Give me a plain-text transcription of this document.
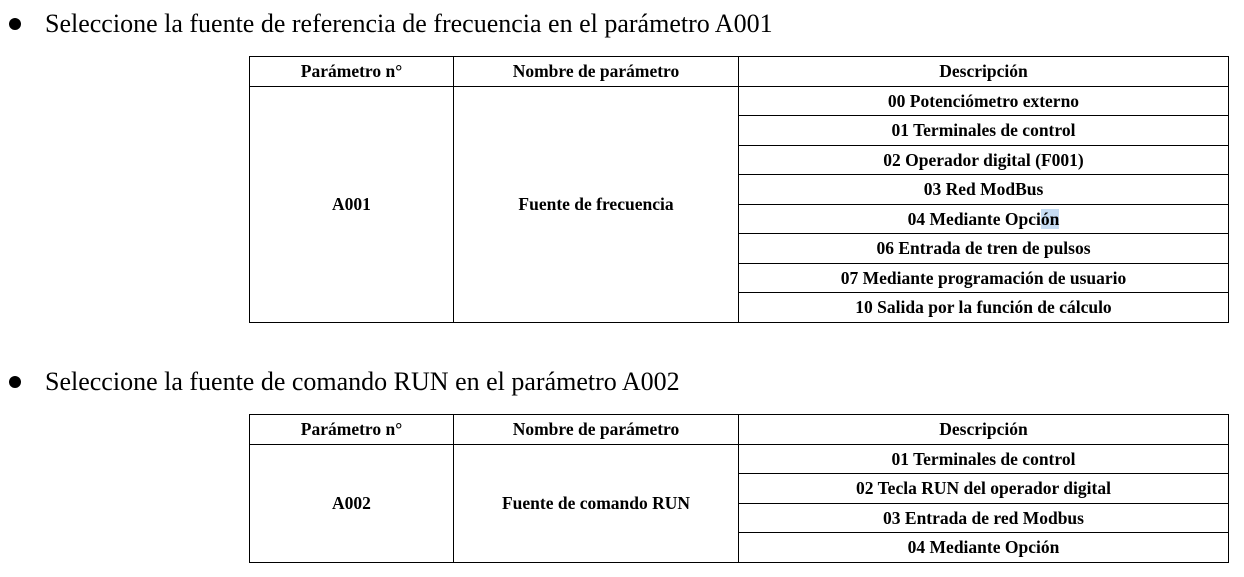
Seleccione la fuente de referencia de frecuencia en el parámetro A001
Parámetro n°	Nombre de parámetro	Descripción
A001	Fuente de frecuencia	00 Potenciómetro externo
		01 Terminales de control
		02 Operador digital (F001)
		03 Red ModBus
		04 Mediante Opción
		06 Entrada de tren de pulsos
		07 Mediante programación de usuario
		10 Salida por la función de cálculo
Seleccione la fuente de comando RUN en el parámetro A002
Parámetro n°	Nombre de parámetro	Descripción
A002	Fuente de comando RUN	01 Terminales de control
		02 Tecla RUN del operador digital
		03 Entrada de red Modbus
		04 Mediante Opción
